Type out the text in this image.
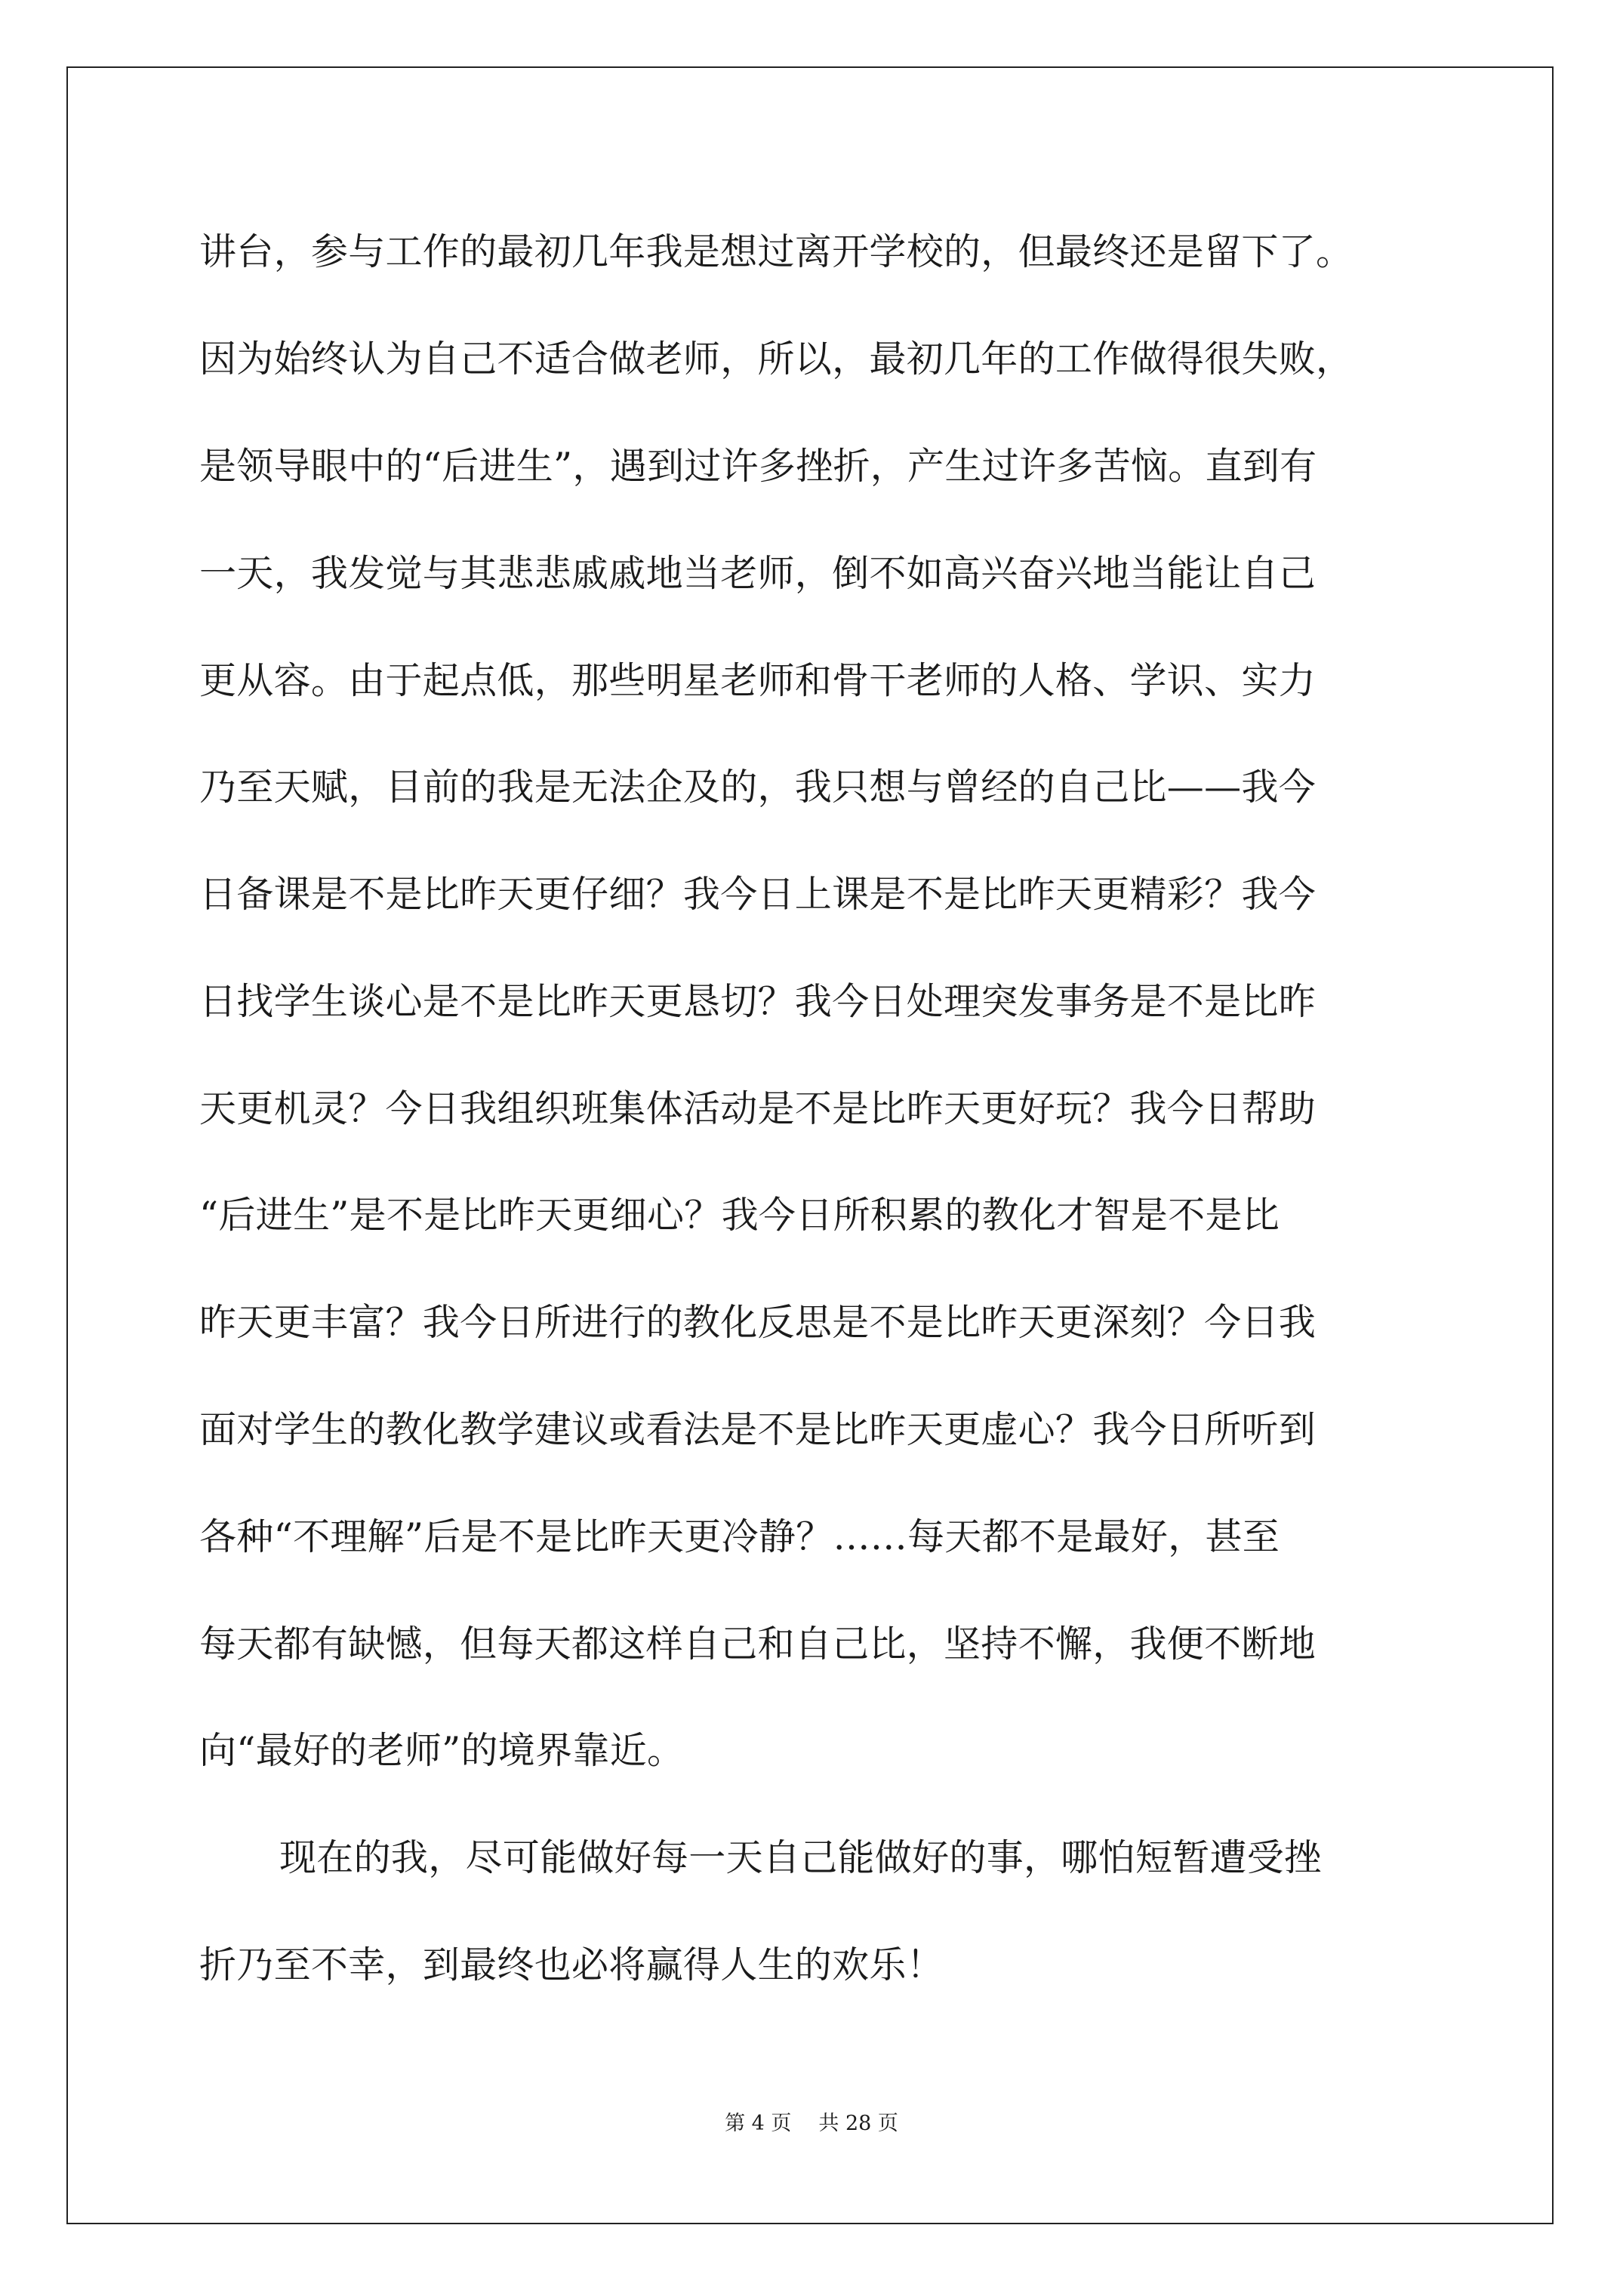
讲台，参与工作的最初几年我是想过离开学校的，但最终还是留下了。
因为始终认为自己不适合做老师，所以，最初几年的工作做得很失败，
是领导眼中的“后进生”，遇到过许多挫折，产生过许多苦恼。直到有
一天，我发觉与其悲悲戚戚地当老师，倒不如高兴奋兴地当能让自己
更从容。由于起点低，那些明星老师和骨干老师的人格、学识、实力
乃至天赋，目前的我是无法企及的，我只想与曾经的自己比——我今
日备课是不是比昨天更仔细？我今日上课是不是比昨天更精彩？我今
日找学生谈心是不是比昨天更恳切？我今日处理突发事务是不是比昨
天更机灵？今日我组织班集体活动是不是比昨天更好玩？我今日帮助
“后进生”是不是比昨天更细心？我今日所积累的教化才智是不是比
昨天更丰富？我今日所进行的教化反思是不是比昨天更深刻？今日我
面对学生的教化教学建议或看法是不是比昨天更虚心？我今日所听到
各种“不理解”后是不是比昨天更冷静？……每天都不是最好，甚至
每天都有缺憾，但每天都这样自己和自己比，坚持不懈，我便不断地
向“最好的老师”的境界靠近。
现在的我，尽可能做好每一天自己能做好的事，哪怕短暂遭受挫
折乃至不幸，到最终也必将赢得人生的欢乐！
第 4 页 共 28 页
